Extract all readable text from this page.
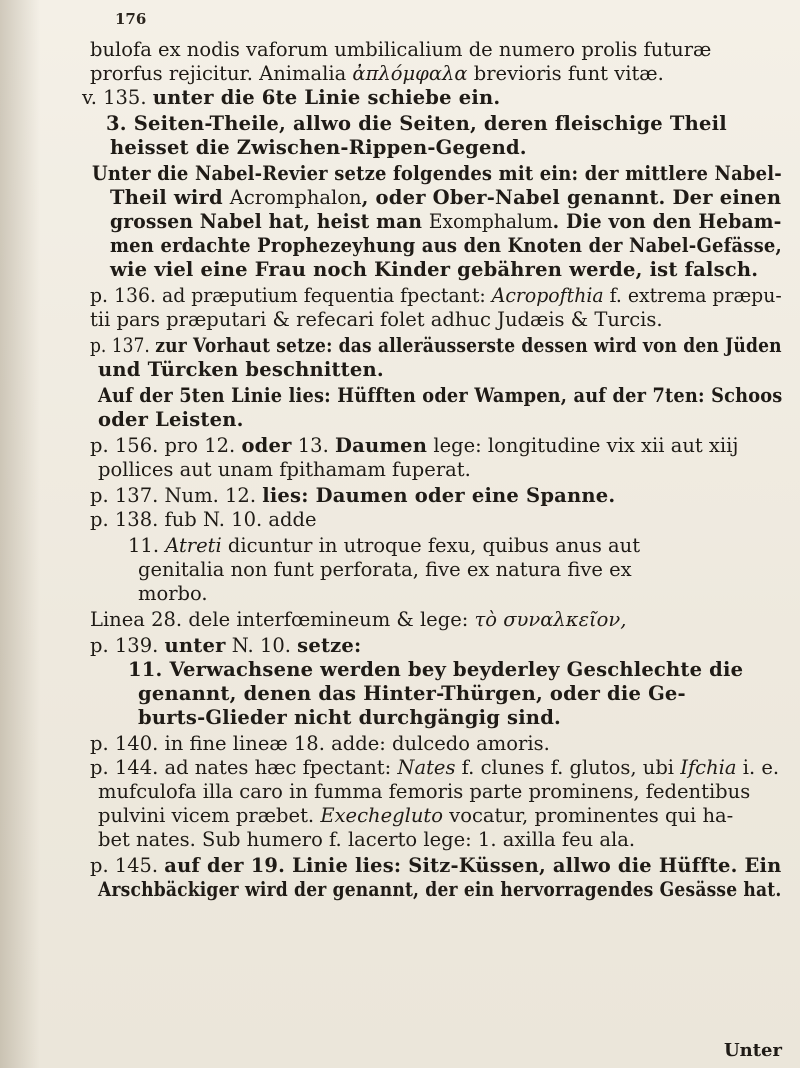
176
bulofa ex nodis vaforum umbilicalium de numero prolis futuræ
prorfus rejicitur. Animalia ἀπλόμφαλα brevioris funt vitæ.
v. 135. unter die 6te Linie schiebe ein.
3. Seiten-Theile, allwo die Seiten, deren fleischige Theil
heisset die Zwischen-Rippen-Gegend.
Unter die Nabel-Revier setze folgendes mit ein: der mittlere Nabel-
Theil wird Acromphalon, oder Ober-Nabel genannt. Der einen
grossen Nabel hat, heist man Exomphalum. Die von den Hebam-
men erdachte Prophezeyhung aus den Knoten der Nabel-Gefässe,
wie viel eine Frau noch Kinder gebähren werde, ist falsch.
p. 136. ad præputium fequentia fpectant: Acropofthia f. extrema præpu-
tii pars præputari & refecari folet adhuc Judæis & Turcis.
p. 137. zur Vorhaut setze: das alleräusserste dessen wird von den Jüden
und Türcken beschnitten.
Auf der 5ten Linie lies: Hüfften oder Wampen, auf der 7ten: Schoos
oder Leisten.
p. 156. pro 12. oder 13. Daumen lege: longitudine vix xii aut xiij
pollices aut unam fpithamam fuperat.
p. 137. Num. 12. lies: Daumen oder eine Spanne.
p. 138. fub N. 10. adde
11. Atreti dicuntur in utroque fexu, quibus anus aut
genitalia non funt perforata, five ex natura five ex
morbo.
Linea 28. dele interfœmineum & lege: τὸ συναλκεῖον,
p. 139. unter N. 10. setze:
11. Verwachsene werden bey beyderley Geschlechte die
genannt, denen das Hinter-Thürgen, oder die Ge-
burts-Glieder nicht durchgängig sind.
p. 140. in fine lineæ 18. adde: dulcedo amoris.
p. 144. ad nates hæc fpectant: Nates f. clunes f. glutos, ubi Ifchia i. e.
mufculofa illa caro in fumma femoris parte prominens, fedentibus
pulvini vicem præbet. Exechegluto vocatur, prominentes qui ha-
bet nates. Sub humero f. lacerto lege: 1. axilla feu ala.
p. 145. auf der 19. Linie lies: Sitz-Küssen, allwo die Hüffte. Ein
Arschbäckiger wird der genannt, der ein hervorragendes Gesässe hat.
Unter
